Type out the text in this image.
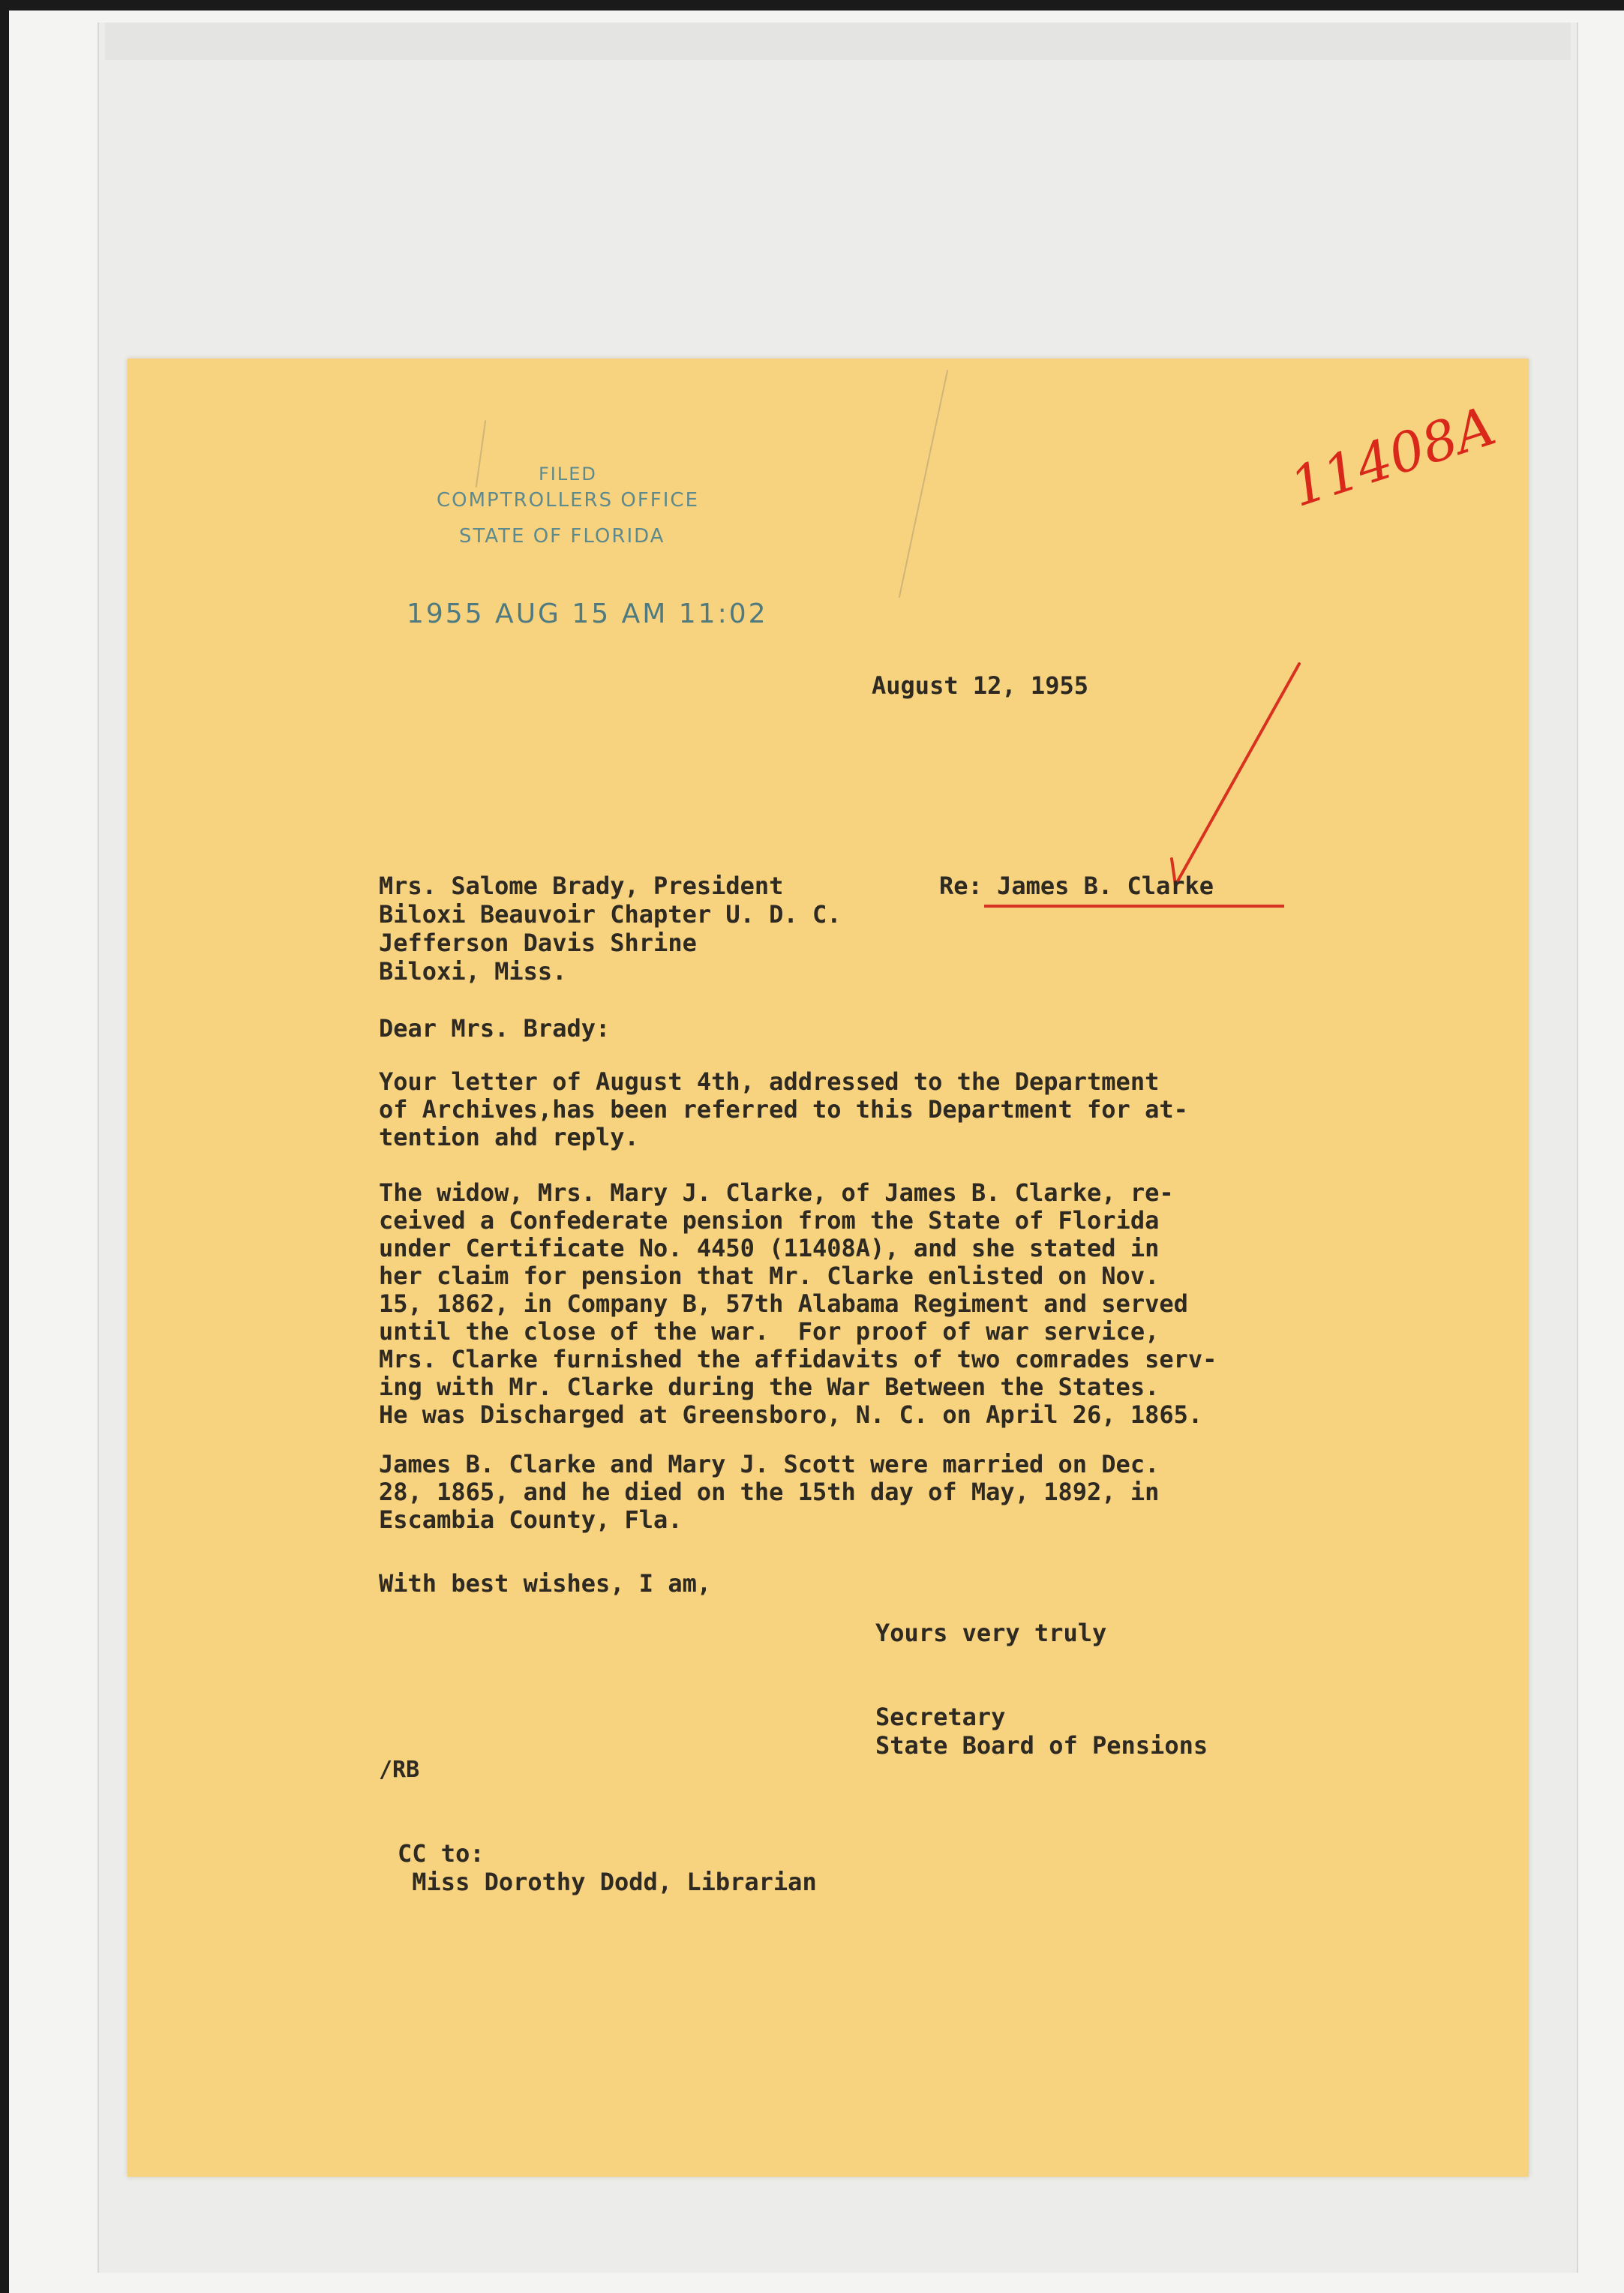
FILED
COMPTROLLERS OFFICE
STATE OF FLORIDA
1955 AUG 15 AM 11:02
11408A
August 12, 1955
Mrs. Salome Brady, President
Biloxi Beauvoir Chapter U. D. C.
Jefferson Davis Shrine
Biloxi, Miss.
Re: James B. Clarke
Dear Mrs. Brady:
Your letter of August 4th, addressed to the Department
of Archives,has been referred to this Department for at-
tention ahd reply.
The widow, Mrs. Mary J. Clarke, of James B. Clarke, re-
ceived a Confederate pension from the State of Florida
under Certificate No. 4450 (11408A), and she stated in
her claim for pension that Mr. Clarke enlisted on Nov.
15, 1862, in Company B, 57th Alabama Regiment and served
until the close of the war.  For proof of war service,
Mrs. Clarke furnished the affidavits of two comrades serv-
ing with Mr. Clarke during the War Between the States.
He was Discharged at Greensboro, N. C. on April 26, 1865.
James B. Clarke and Mary J. Scott were married on Dec.
28, 1865, and he died on the 15th day of May, 1892, in
Escambia County, Fla.
With best wishes, I am,
Yours very truly
Secretary
State Board of Pensions
/RB
CC to:
Miss Dorothy Dodd, Librarian
